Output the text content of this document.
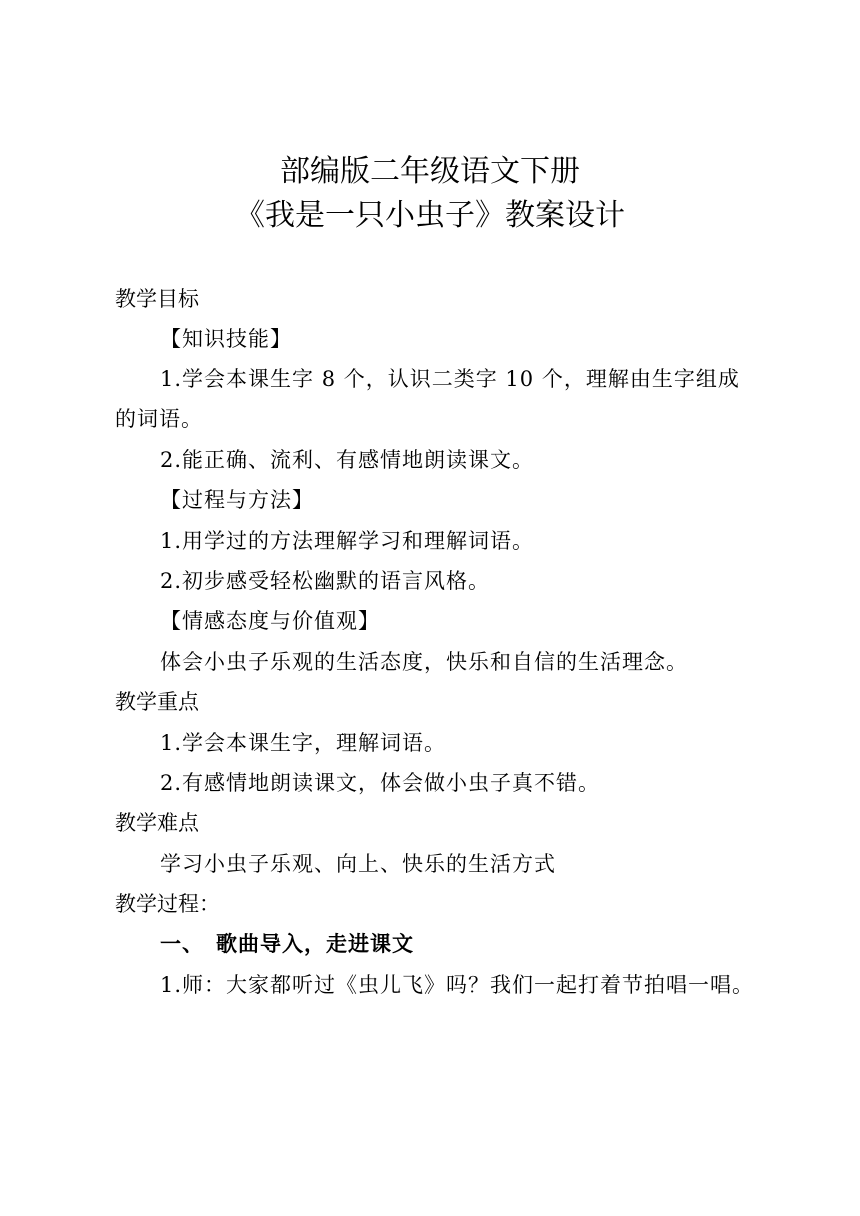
部编版二年级语文下册
《我是一只小虫子》教案设计
教学目标
【知识技能】
1.学会本课生字 8 个，认识二类字 10 个，理解由生字组成
的词语。
2.能正确、流利、有感情地朗读课文。
【过程与方法】
1.用学过的方法理解学习和理解词语。
2.初步感受轻松幽默的语言风格。
【情感态度与价值观】
体会小虫子乐观的生活态度，快乐和自信的生活理念。
教学重点
1.学会本课生字，理解词语。
2.有感情地朗读课文，体会做小虫子真不错。
教学难点
学习小虫子乐观、向上、快乐的生活方式
教学过程：
一、 歌曲导入，走进课文
1.师：大家都听过《虫儿飞》吗？我们一起打着节拍唱一唱。
